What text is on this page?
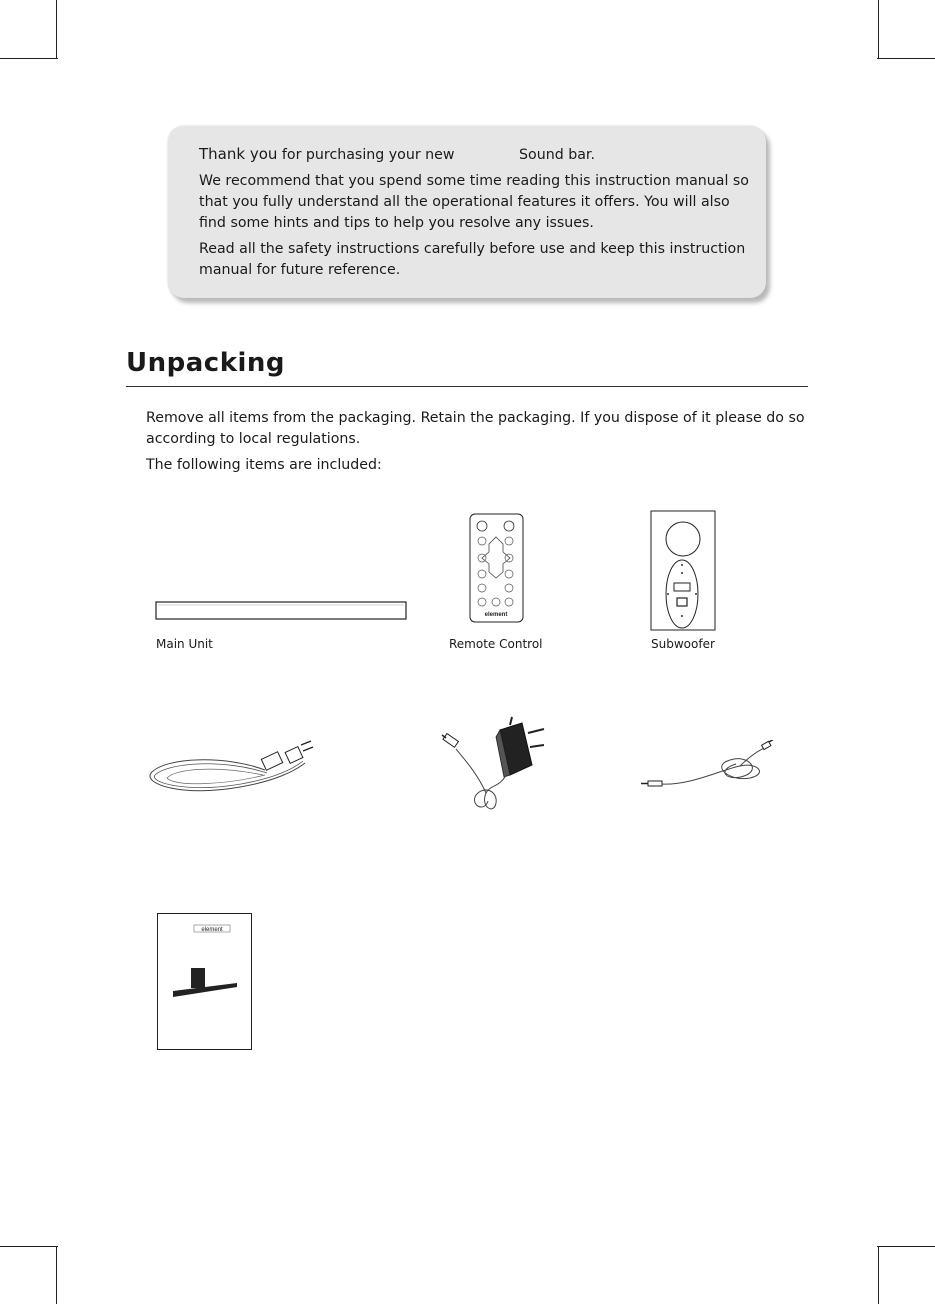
Thank you for purchasing your new	Sound bar.

We recommend that you spend some time reading this instruction manual so that you fully understand all the operational features it offers. You will also find some hints and tips to help you resolve any issues.

Read all the safety instructions carefully before use and keep this instruction manual for future reference.

Unpacking

Remove all items from the packaging. Retain the packaging. If you dispose of it please do so according to local regulations.

The following items are included:

Main Unit
element
Remote Control	Subwoofer
element
